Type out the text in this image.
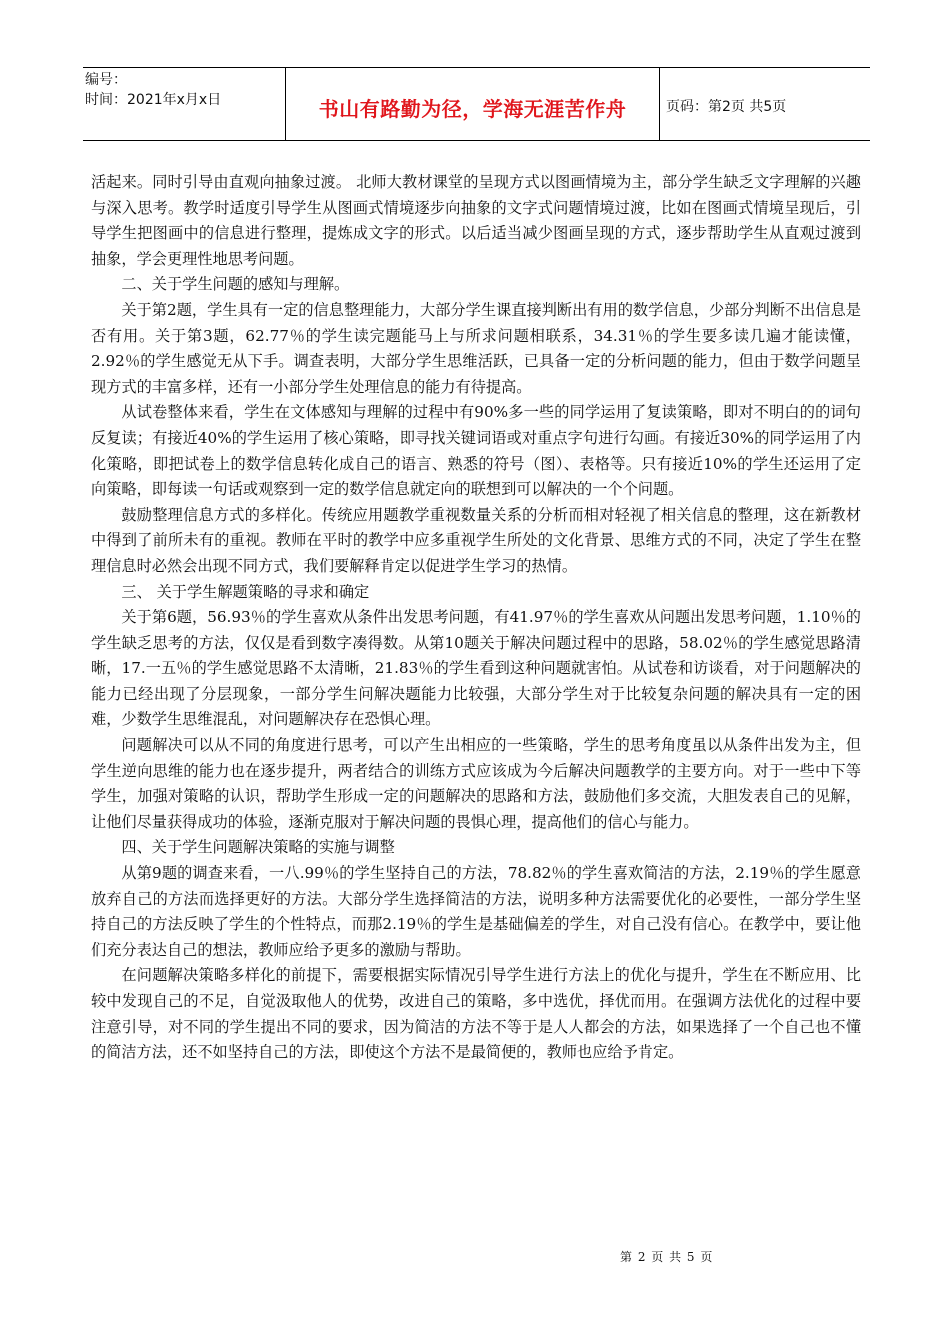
编号：
时间：2021年x月x日	书山有路勤为径，学海无涯苦作舟	页码：第2页 共5页

活起来。同时引导由直观向抽象过渡。 北师大教材课堂的呈现方式以图画情境为主，部分学生缺乏文字理解的兴趣与深入思考。教学时适度引导学生从图画式情境逐步向抽象的文字式问题情境过渡，比如在图画式情境呈现后，引导学生把图画中的信息进行整理，提炼成文字的形式。以后适当减少图画呈现的方式，逐步帮助学生从直观过渡到抽象，学会更理性地思考问题。

二、关于学生问题的感知与理解。

关于第2题，学生具有一定的信息整理能力，大部分学生课直接判断出有用的数学信息，少部分判断不出信息是否有用。关于第3题，62.77％的学生读完题能马上与所求问题相联系，34.31％的学生要多读几遍才能读懂，2.92％的学生感觉无从下手。调查表明，大部分学生思维活跃，已具备一定的分析问题的能力，但由于数学问题呈现方式的丰富多样，还有一小部分学生处理信息的能力有待提高。

从试卷整体来看，学生在文体感知与理解的过程中有90%多一些的同学运用了复读策略，即对不明白的的词句反复读；有接近40%的学生运用了核心策略，即寻找关键词语或对重点字句进行勾画。有接近30%的同学运用了内化策略，即把试卷上的数学信息转化成自己的语言、熟悉的符号（图）、表格等。只有接近10%的学生还运用了定向策略，即每读一句话或观察到一定的数学信息就定向的联想到可以解决的一个个问题。

鼓励整理信息方式的多样化。传统应用题教学重视数量关系的分析而相对轻视了相关信息的整理，这在新教材中得到了前所未有的重视。教师在平时的教学中应多重视学生所处的文化背景、思维方式的不同，决定了学生在整理信息时必然会出现不同方式，我们要解释肯定以促进学生学习的热情。

三、 关于学生解题策略的寻求和确定

关于第6题，56.93％的学生喜欢从条件出发思考问题，有41.97％的学生喜欢从问题出发思考问题，1.10％的学生缺乏思考的方法，仅仅是看到数字凑得数。从第10题关于解决问题过程中的思路，58.02％的学生感觉思路清晰，17.一五％的学生感觉思路不太清晰，21.83％的学生看到这种问题就害怕。从试卷和访谈看，对于问题解决的能力已经出现了分层现象，一部分学生问解决题能力比较强，大部分学生对于比较复杂问题的解决具有一定的困难，少数学生思维混乱，对问题解决存在恐惧心理。

问题解决可以从不同的角度进行思考，可以产生出相应的一些策略，学生的思考角度虽以从条件出发为主，但学生逆向思维的能力也在逐步提升，两者结合的训练方式应该成为今后解决问题教学的主要方向。对于一些中下等学生，加强对策略的认识，帮助学生形成一定的问题解决的思路和方法，鼓励他们多交流，大胆发表自己的见解，让他们尽量获得成功的体验，逐渐克服对于解决问题的畏惧心理，提高他们的信心与能力。

四、关于学生问题解决策略的实施与调整

从第9题的调查来看，一八.99％的学生坚持自己的方法，78.82％的学生喜欢简洁的方法，2.19％的学生愿意放弃自己的方法而选择更好的方法。大部分学生选择简洁的方法，说明多种方法需要优化的必要性，一部分学生坚持自己的方法反映了学生的个性特点，而那2.19％的学生是基础偏差的学生，对自己没有信心。在教学中，要让他们充分表达自己的想法，教师应给予更多的激励与帮助。

在问题解决策略多样化的前提下，需要根据实际情况引导学生进行方法上的优化与提升，学生在不断应用、比较中发现自己的不足，自觉汲取他人的优势，改进自己的策略，多中选优，择优而用。在强调方法优化的过程中要注意引导，对不同的学生提出不同的要求，因为简洁的方法不等于是人人都会的方法，如果选择了一个自己也不懂的简洁方法，还不如坚持自己的方法，即使这个方法不是最简便的，教师也应给予肯定。

第 2 页 共 5 页
